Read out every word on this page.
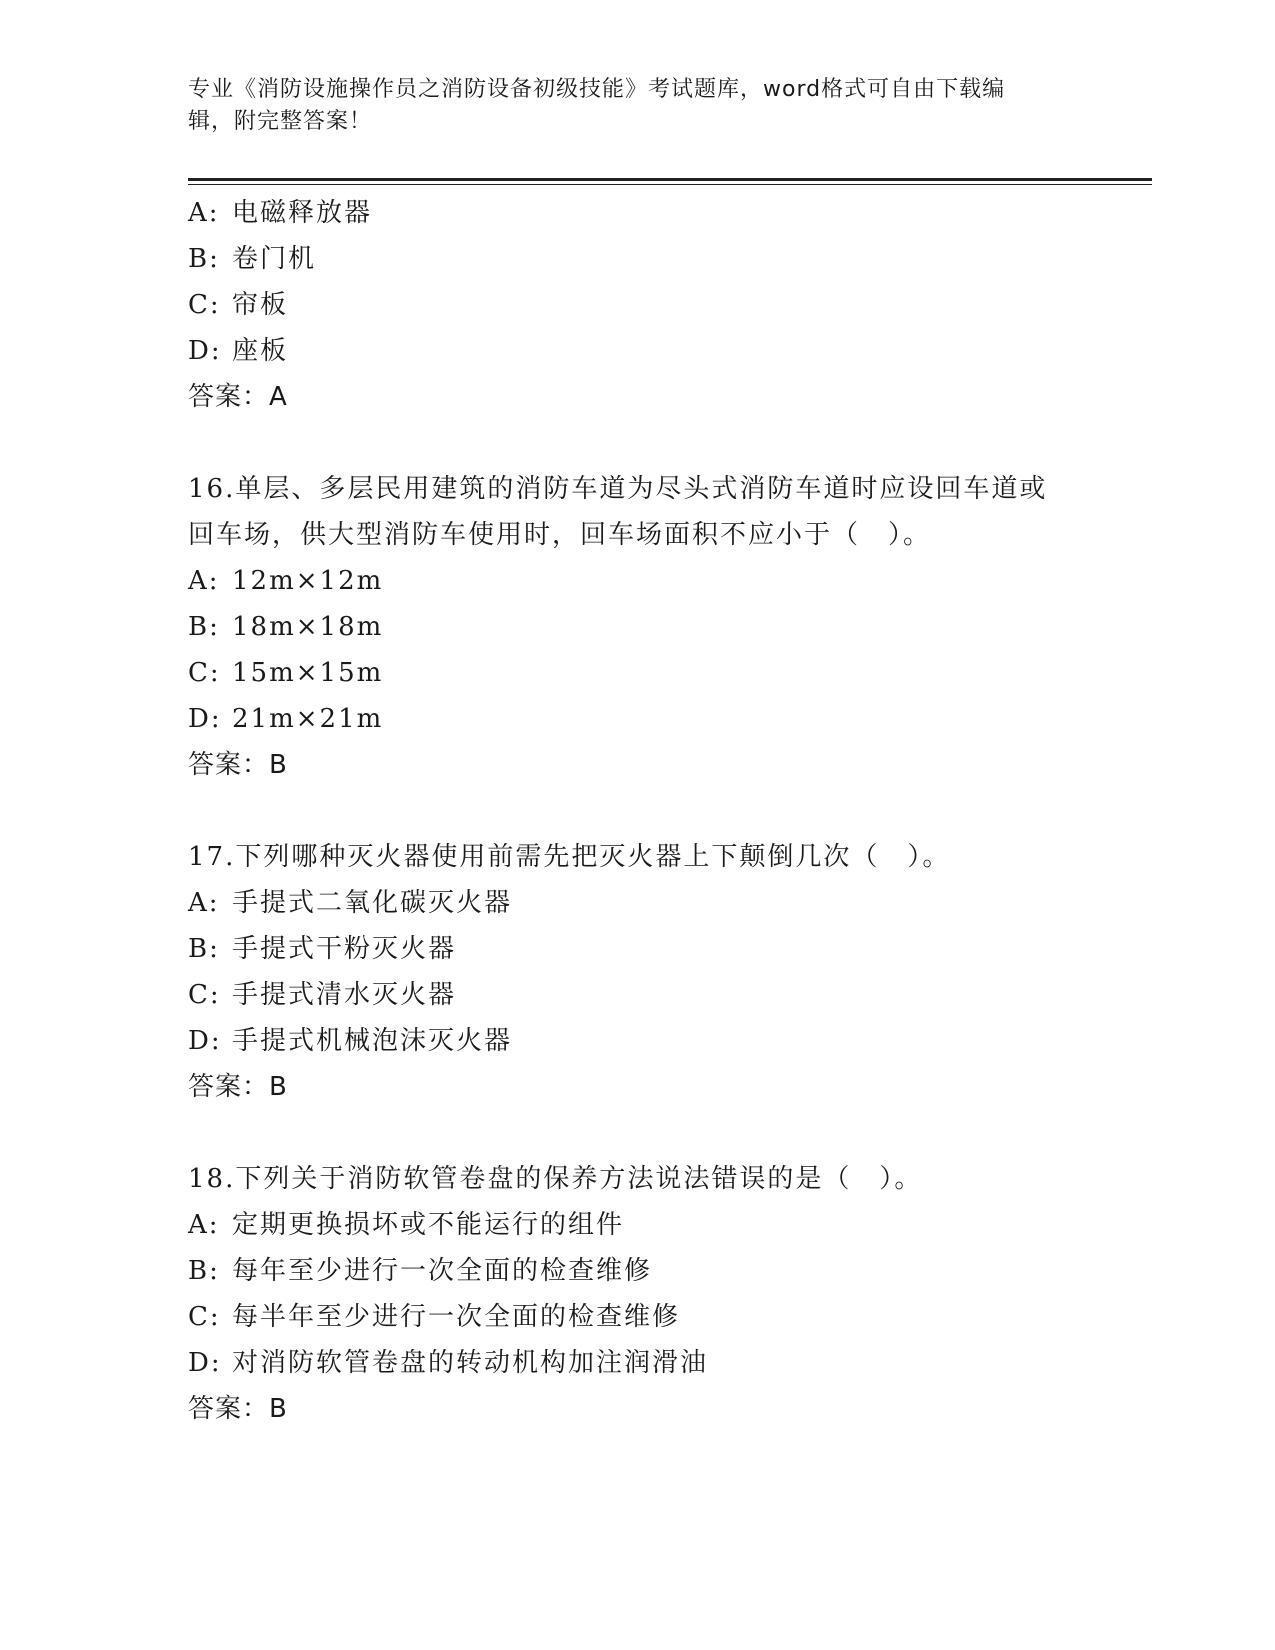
专业《消防设施操作员之消防设备初级技能》考试题库，word格式可自由下载编
辑，附完整答案！
A: 电磁释放器
B: 卷门机
C: 帘板
D: 座板
答案：A
16.单层、多层民用建筑的消防车道为尽头式消防车道时应设回车道或
回车场，供大型消防车使用时，回车场面积不应小于（　）。
A: 12m×12m
B: 18m×18m
C: 15m×15m
D: 21m×21m
答案：B
17.下列哪种灭火器使用前需先把灭火器上下颠倒几次（　）。
A: 手提式二氧化碳灭火器
B: 手提式干粉灭火器
C: 手提式清水灭火器
D: 手提式机械泡沫灭火器
答案：B
18.下列关于消防软管卷盘的保养方法说法错误的是（　）。
A: 定期更换损坏或不能运行的组件
B: 每年至少进行一次全面的检查维修
C: 每半年至少进行一次全面的检查维修
D: 对消防软管卷盘的转动机构加注润滑油
答案：B
